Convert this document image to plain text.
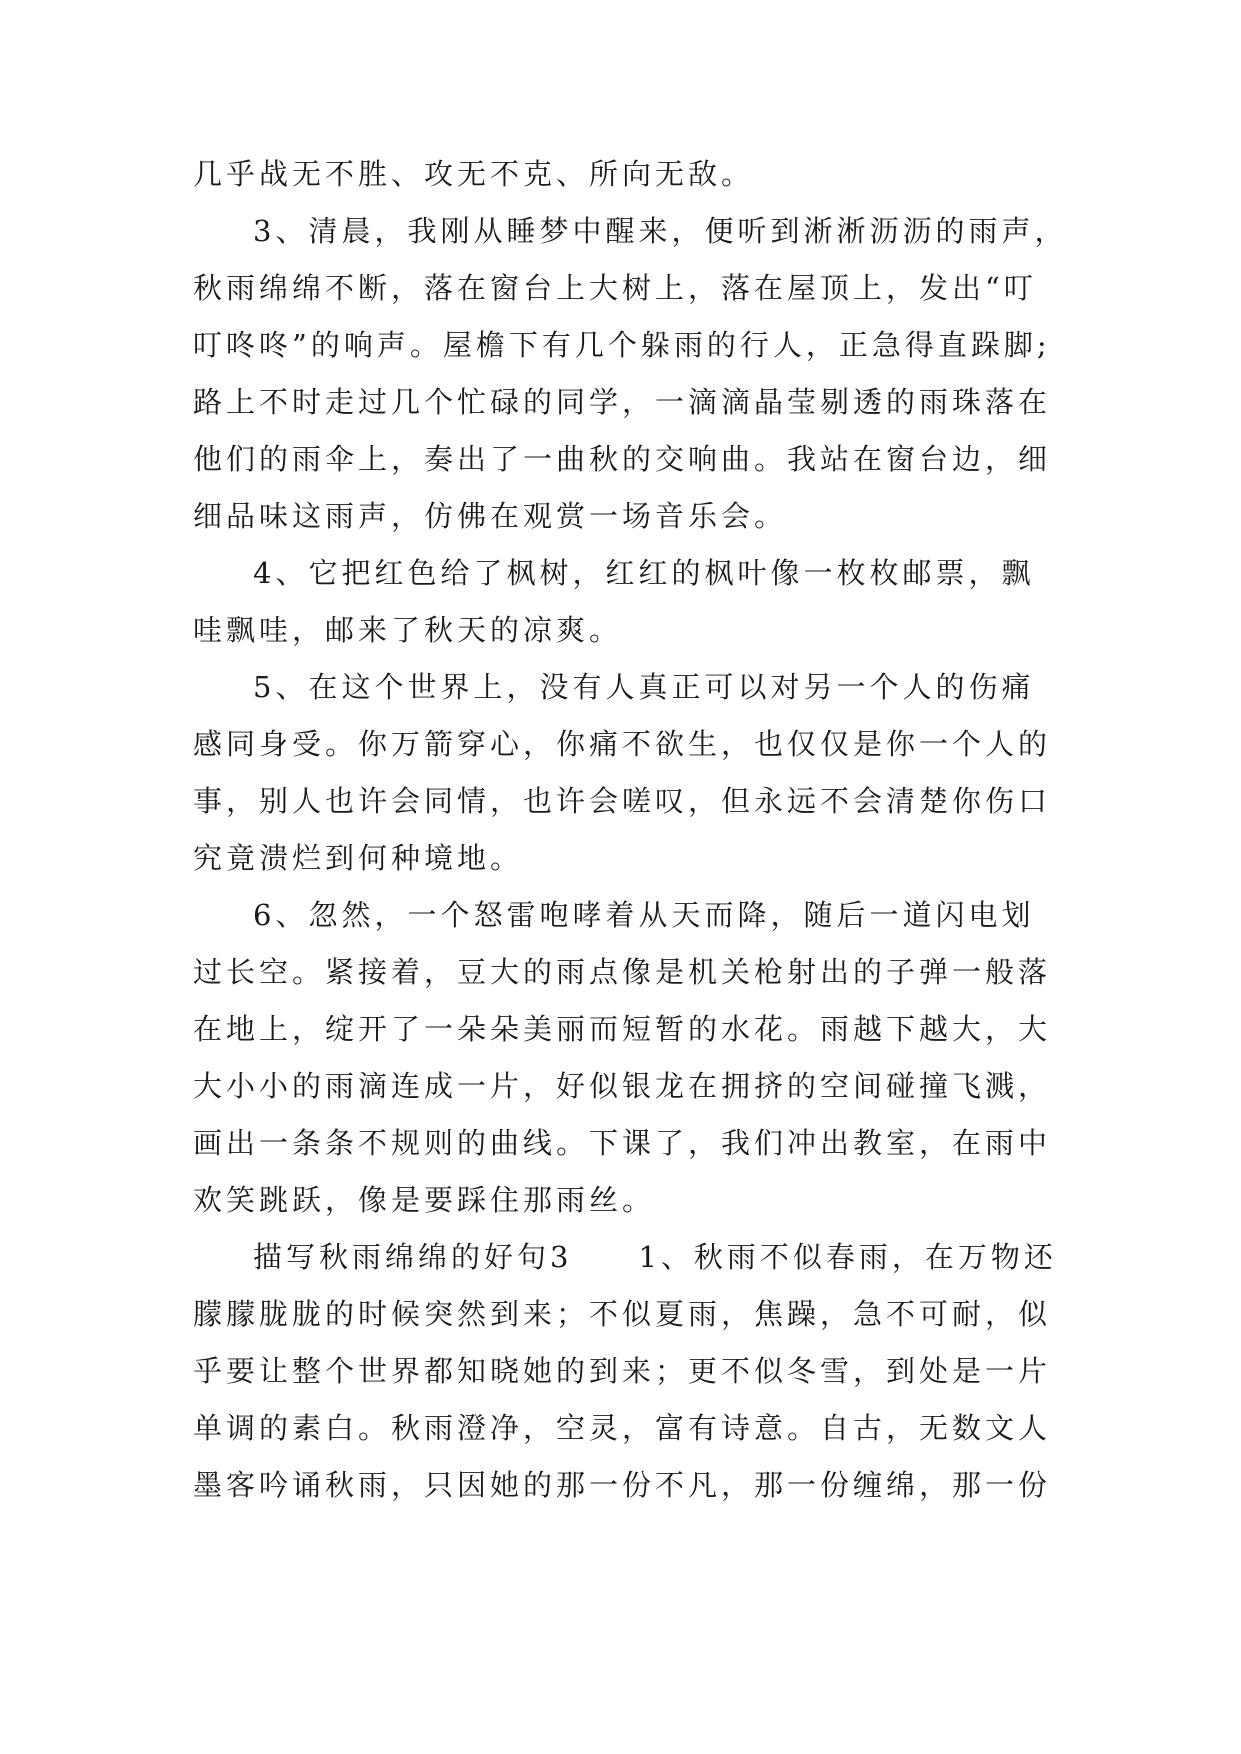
几乎战无不胜、攻无不克、所向无敌。
3、清晨，我刚从睡梦中醒来，便听到淅淅沥沥的雨声，
秋雨绵绵不断，落在窗台上大树上，落在屋顶上，发出“叮
叮咚咚”的响声。屋檐下有几个躲雨的行人，正急得直跺脚;
路上不时走过几个忙碌的同学，一滴滴晶莹剔透的雨珠落在
他们的雨伞上，奏出了一曲秋的交响曲。我站在窗台边，细
细品味这雨声，仿佛在观赏一场音乐会。
4、它把红色给了枫树，红红的枫叶像一枚枚邮票，飘
哇飘哇，邮来了秋天的凉爽。
5、在这个世界上，没有人真正可以对另一个人的伤痛
感同身受。你万箭穿心，你痛不欲生，也仅仅是你一个人的
事，别人也许会同情，也许会嗟叹，但永远不会清楚你伤口
究竟溃烂到何种境地。
6、忽然，一个怒雷咆哮着从天而降，随后一道闪电划
过长空。紧接着，豆大的雨点像是机关枪射出的子弹一般落
在地上，绽开了一朵朵美丽而短暂的水花。雨越下越大，大
大小小的雨滴连成一片，好似银龙在拥挤的空间碰撞飞溅，
画出一条条不规则的曲线。下课了，我们冲出教室，在雨中
欢笑跳跃，像是要踩住那雨丝。
描写秋雨绵绵的好句3　　1、秋雨不似春雨，在万物还
朦朦胧胧的时候突然到来；不似夏雨，焦躁，急不可耐，似
乎要让整个世界都知晓她的到来；更不似冬雪，到处是一片
单调的素白。秋雨澄净，空灵，富有诗意。自古，无数文人
墨客吟诵秋雨，只因她的那一份不凡，那一份缠绵，那一份
